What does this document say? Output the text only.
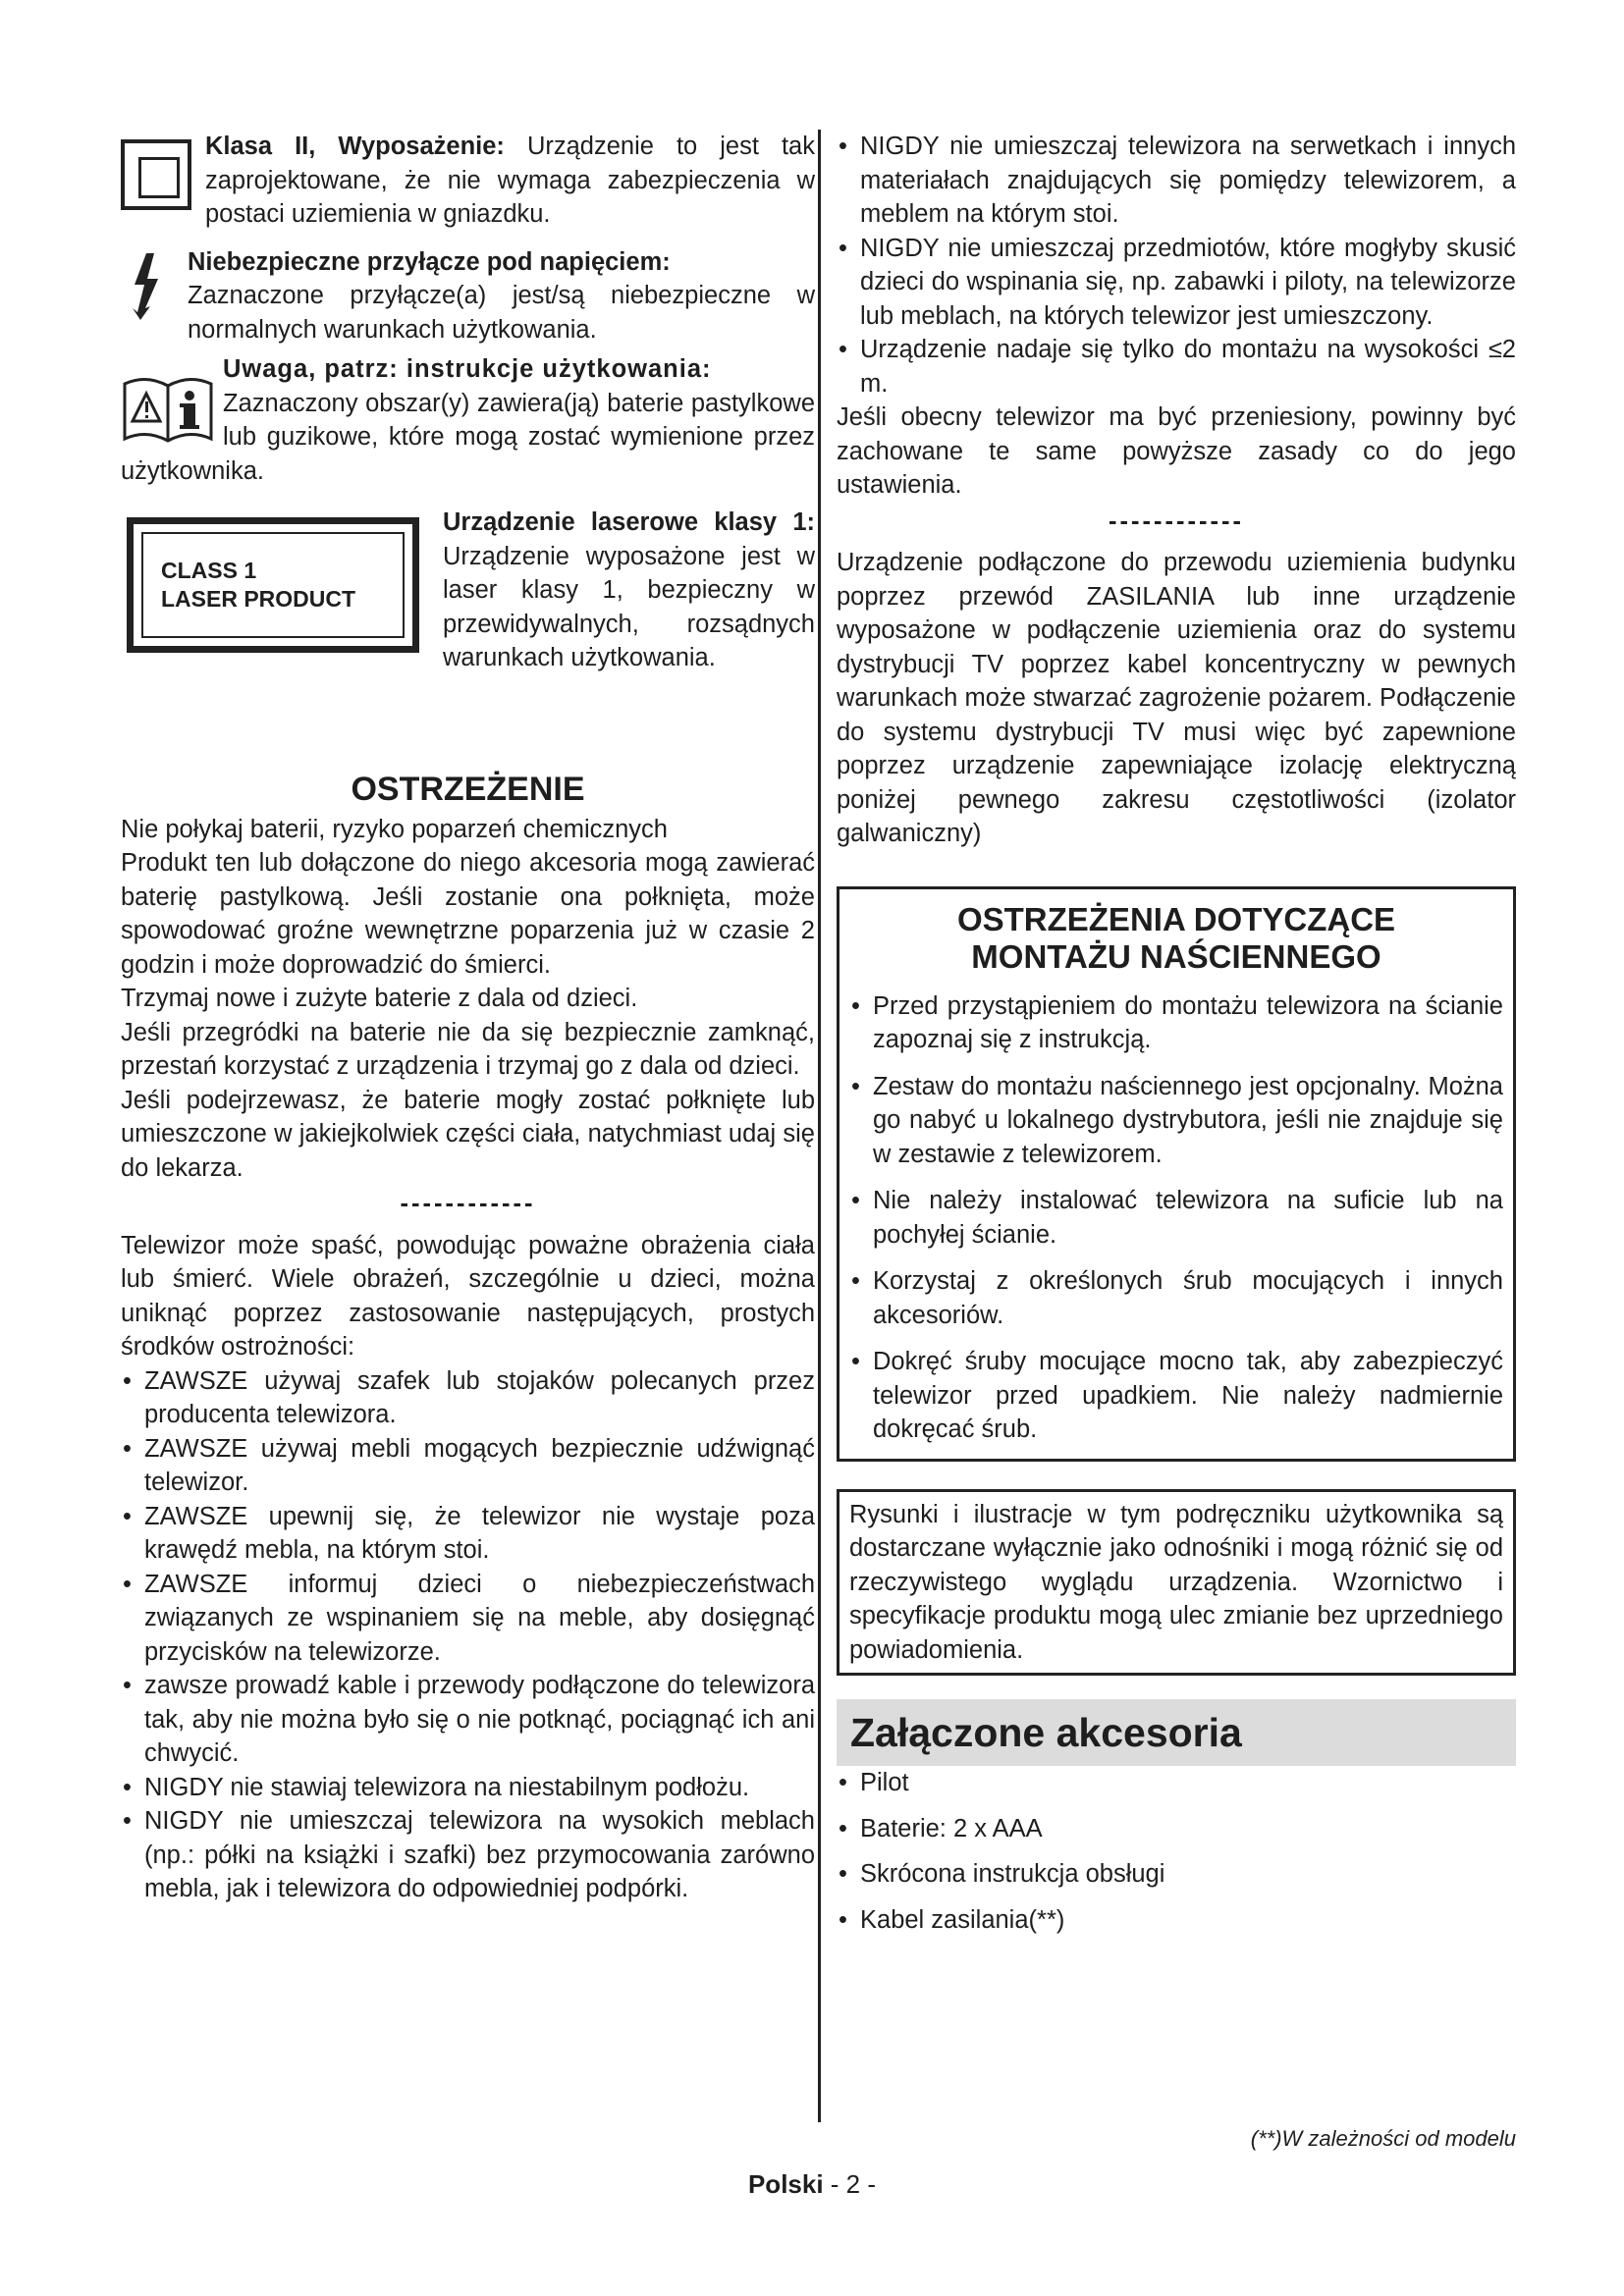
Klasa II, Wyposażenie: Urządzenie to jest tak zaprojektowane, że nie wymaga zabezpieczenia w postaci uziemienia w gniazdku.

Niebezpieczne przyłącze pod napięciem:

Zaznaczone przyłącze(a) jest/są niebezpieczne w normalnych warunkach użytkowania.

Uwaga, patrz: instrukcje użytkowania:

Zaznaczony obszar(y) zawiera(ją) baterie pastylkowe lub guzikowe, które mogą zostać wymienione przez użytkownika.

CLASS 1
LASER PRODUCT

Urządzenie laserowe klasy 1: Urządzenie wyposażone jest w laser klasy 1, bezpieczny w przewidywalnych, rozsądnych warunkach użytkowania.

OSTRZEŻENIE

Nie połykaj baterii, ryzyko poparzeń chemicznych

Produkt ten lub dołączone do niego akcesoria mogą zawierać baterię pastylkową. Jeśli zostanie ona połknięta, może spowodować groźne wewnętrzne poparzenia już w czasie 2 godzin i może doprowadzić do śmierci.

Trzymaj nowe i zużyte baterie z dala od dzieci.

Jeśli przegródki na baterie nie da się bezpiecznie zamknąć, przestań korzystać z urządzenia i trzymaj go z dala od dzieci.

Jeśli podejrzewasz, że baterie mogły zostać połknięte lub umieszczone w jakiejkolwiek części ciała, natychmiast udaj się do lekarza.

------------

Telewizor może spaść, powodując poważne obrażenia ciała lub śmierć. Wiele obrażeń, szczególnie u dzieci, można uniknąć poprzez zastosowanie następujących, prostych środków ostrożności:

• ZAWSZE używaj szafek lub stojaków polecanych przez producenta telewizora.
• ZAWSZE używaj mebli mogących bezpiecznie udźwignąć telewizor.
• ZAWSZE upewnij się, że telewizor nie wystaje poza krawędź mebla, na którym stoi.
• ZAWSZE informuj dzieci o niebezpieczeństwach związanych ze wspinaniem się na meble, aby dosięgnąć przycisków na telewizorze.
• zawsze prowadź kable i przewody podłączone do telewizora tak, aby nie można było się o nie potknąć, pociągnąć ich ani chwycić.
• NIGDY nie stawiaj telewizora na niestabilnym podłożu.
• NIGDY nie umieszczaj telewizora na wysokich meblach (np.: półki na książki i szafki) bez przymocowania zarówno mebla, jak i telewizora do odpowiedniej podpórki.
• NIGDY nie umieszczaj telewizora na serwetkach i innych materiałach znajdujących się pomiędzy telewizorem, a meblem na którym stoi.
• NIGDY nie umieszczaj przedmiotów, które mogłyby skusić dzieci do wspinania się, np. zabawki i piloty, na telewizorze lub meblach, na których telewizor jest umieszczony.
• Urządzenie nadaje się tylko do montażu na wysokości ≤2 m.

Jeśli obecny telewizor ma być przeniesiony, powinny być zachowane te same powyższe zasady co do jego ustawienia.

------------

Urządzenie podłączone do przewodu uziemienia budynku poprzez przewód ZASILANIA lub inne urządzenie wyposażone w podłączenie uziemienia oraz do systemu dystrybucji TV poprzez kabel koncentryczny w pewnych warunkach może stwarzać zagrożenie pożarem. Podłączenie do systemu dystrybucji TV musi więc być zapewnione poprzez urządzenie zapewniające izolację elektryczną poniżej pewnego zakresu częstotliwości (izolator galwaniczny)

OSTRZEŻENIA DOTYCZĄCE
MONTAŻU NAŚCIENNEGO
• Przed przystąpieniem do montażu telewizora na ścianie zapoznaj się z instrukcją.
• Zestaw do montażu naściennego jest opcjonalny. Można go nabyć u lokalnego dystrybutora, jeśli nie znajduje się w zestawie z telewizorem.
• Nie należy instalować telewizora na suficie lub na pochyłej ścianie.
• Korzystaj z określonych śrub mocujących i innych akcesoriów.
• Dokręć śruby mocujące mocno tak, aby zabezpieczyć telewizor przed upadkiem. Nie należy nadmiernie dokręcać śrub.

Rysunki i ilustracje w tym podręczniku użytkownika są dostarczane wyłącznie jako odnośniki i mogą różnić się od rzeczywistego wyglądu urządzenia. Wzornictwo i specyfikacje produktu mogą ulec zmianie bez uprzedniego powiadomienia.

Załączone akcesoria
• Pilot
• Baterie: 2 x AAA
• Skrócona instrukcja obsługi
• Kabel zasilania(**)
(**)W zależności od modelu
Polski - 2 -
